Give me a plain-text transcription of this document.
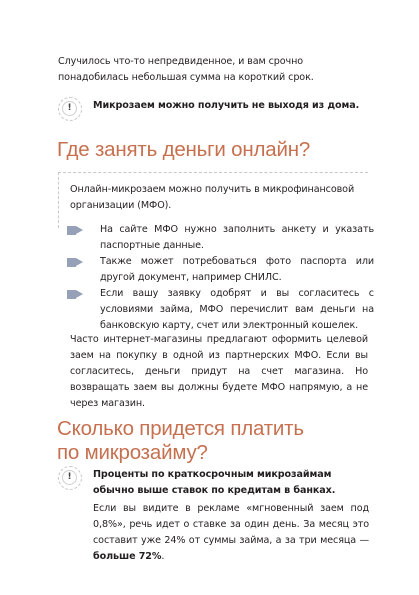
Случилось что-то непредвиденное, и вам срочно понадобилась небольшая сумма на короткий срок.
!	Микрозаем можно получить не выходя из дома.
Где занять деньги онлайн?
Онлайн-микрозаем можно получить в микрофинансовой организации (МФО).
На сайте МФО нужно заполнить анкету и указать паспортные данные.
Также может потребоваться фото паспорта или другой документ, например СНИЛС.
Если вашу заявку одобрят и вы согласитесь с условиями займа, МФО перечислит вам деньги на банковскую карту, счет или электронный кошелек.
Часто интернет-магазины предлагают оформить целевой заем на покупку в одной из партнерских МФО. Если вы согласитесь, деньги придут на счет магазина. Но возвращать заем вы должны будете МФО напрямую, а не через магазин.
Сколько придется платить
по микрозайму?
!	Проценты по краткосрочным микрозаймам обычно выше ставок по кредитам в банках.
Если вы видите в рекламе «мгновенный заем под 0,8%», речь идет о ставке за один день. За месяц это составит уже 24% от суммы займа, а за три месяца — больше 72%.
